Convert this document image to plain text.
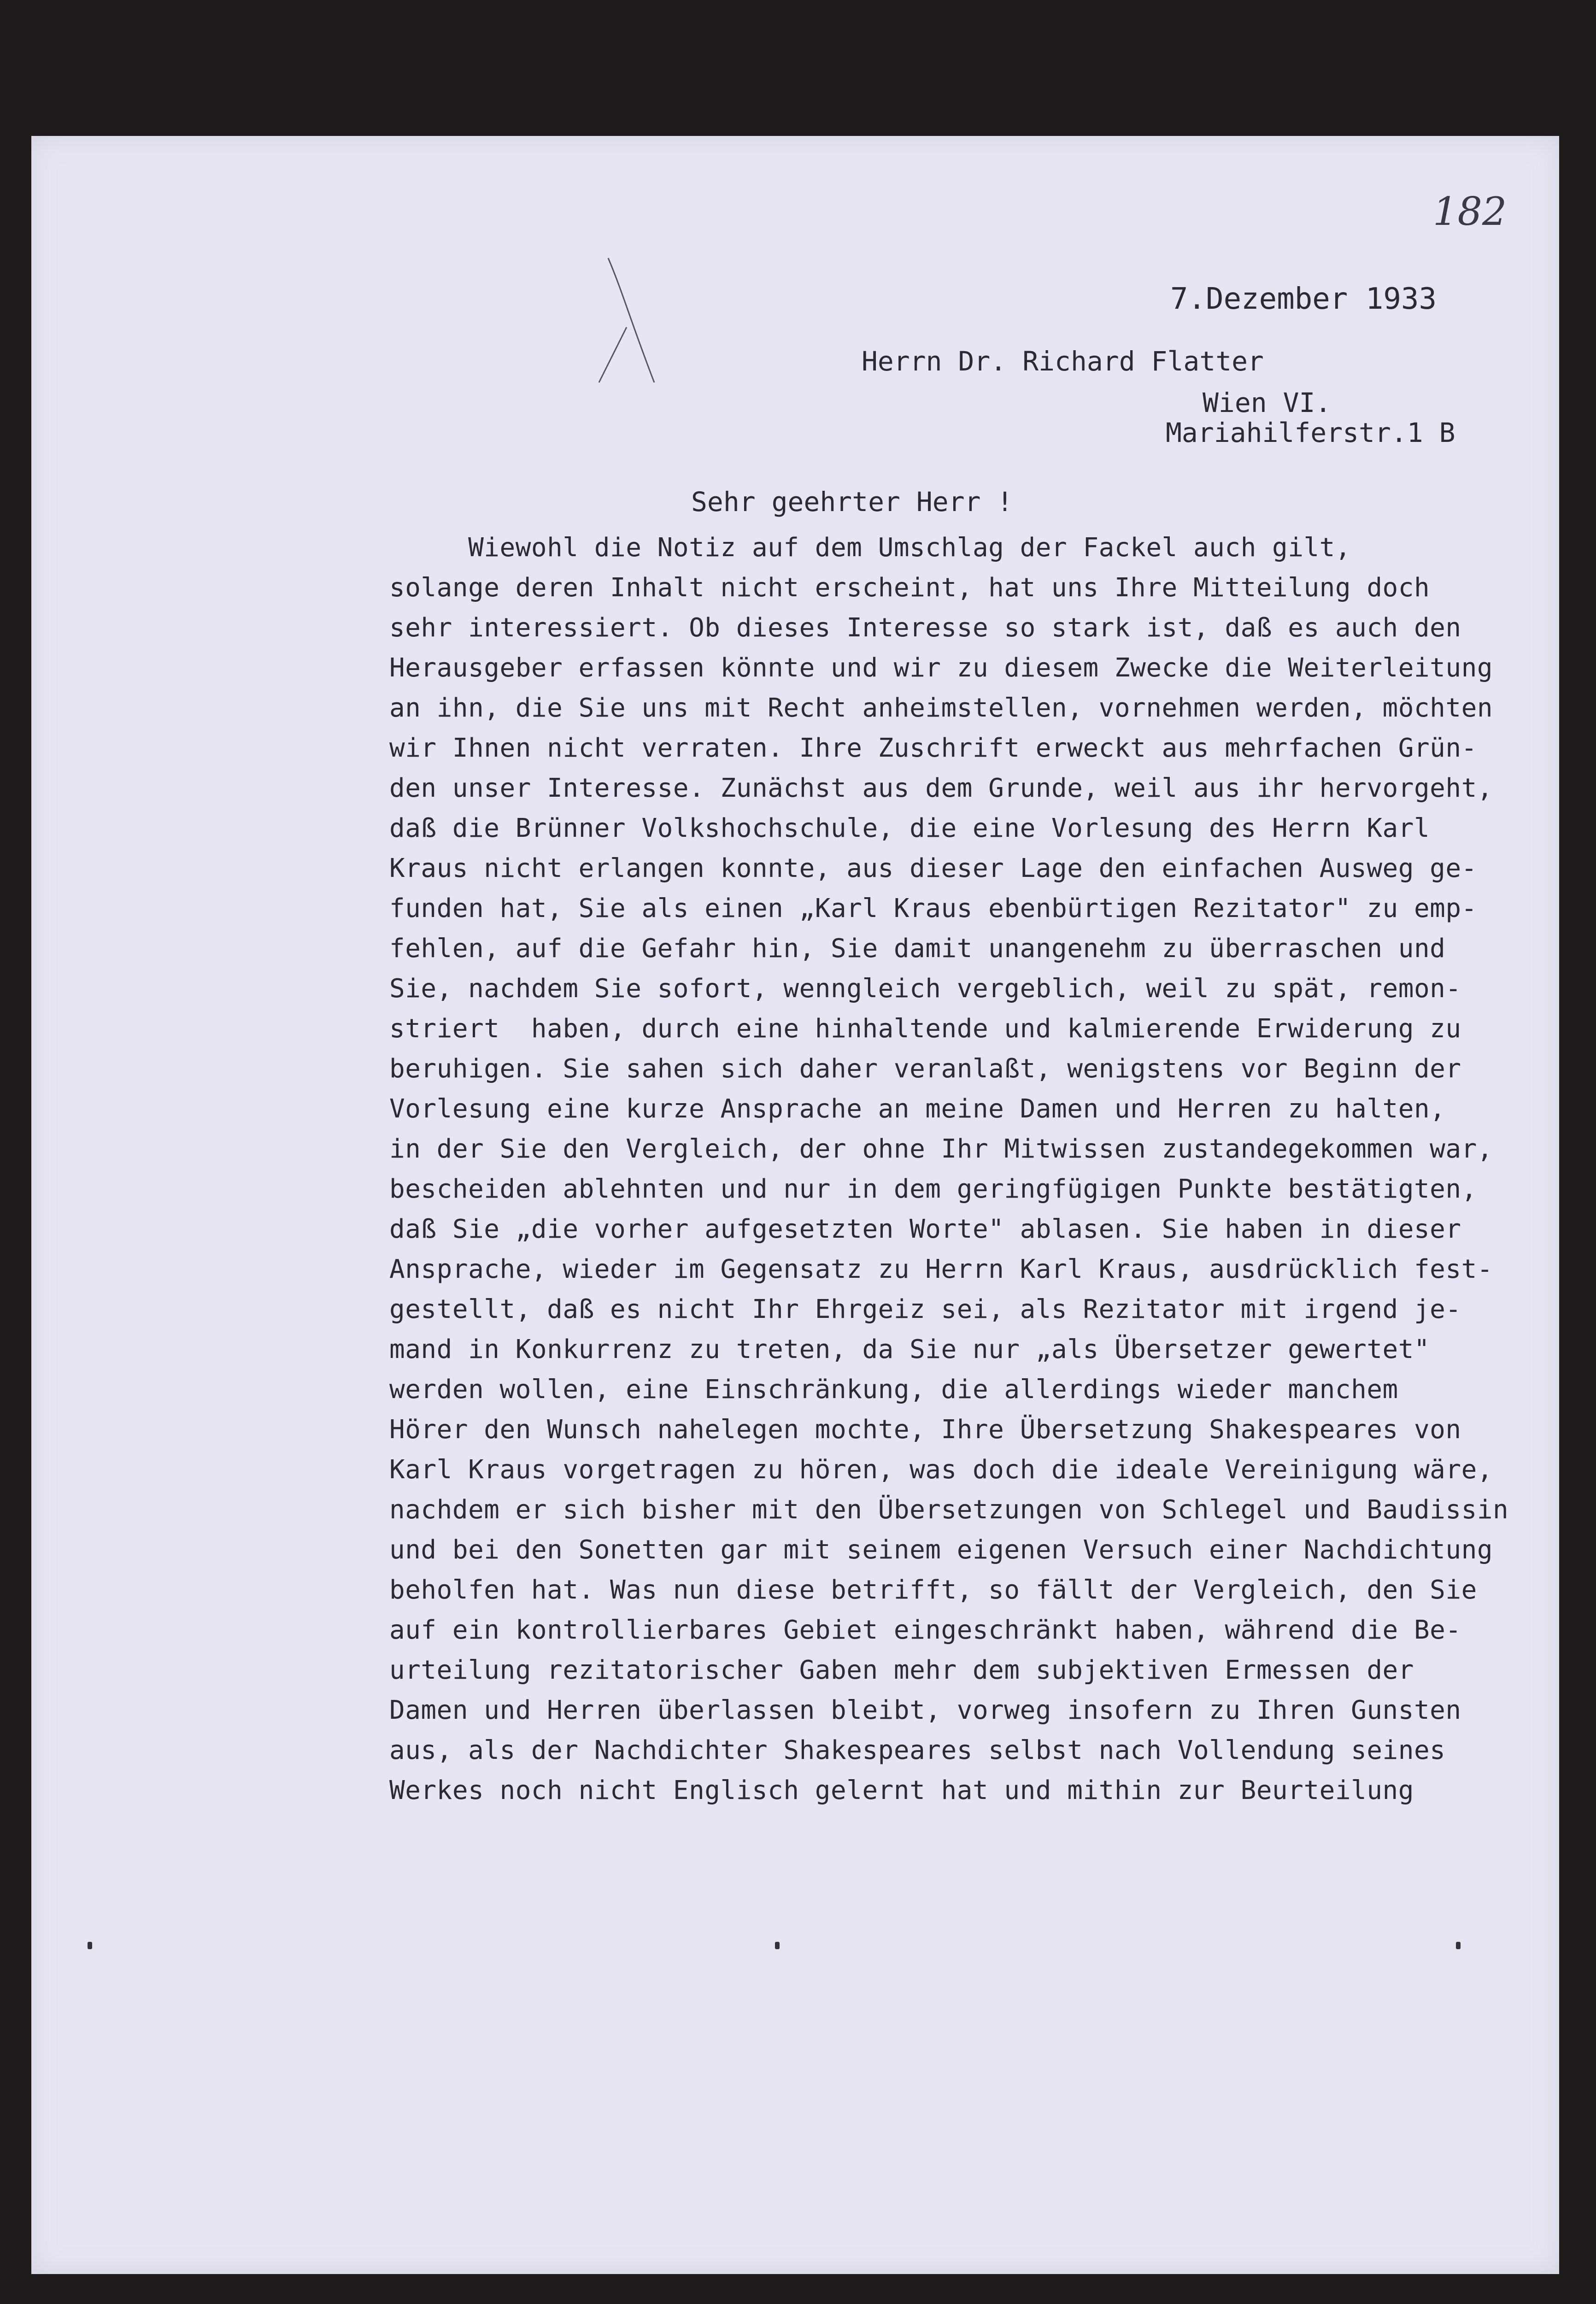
182
7.Dezember 1933
Herrn Dr. Richard Flatter
Wien VI.
Mariahilferstr.1 B
Sehr geehrter Herr !
Wiewohl die Notiz auf dem Umschlag der Fackel auch gilt,
solange deren Inhalt nicht erscheint, hat uns Ihre Mitteilung doch
sehr interessiert. Ob dieses Interesse so stark ist, daß es auch den
Herausgeber erfassen könnte und wir zu diesem Zwecke die Weiterleitung
an ihn, die Sie uns mit Recht anheimstellen, vornehmen werden, möchten
wir Ihnen nicht verraten. Ihre Zuschrift erweckt aus mehrfachen Grün-
den unser Interesse. Zunächst aus dem Grunde, weil aus ihr hervorgeht,
daß die Brünner Volkshochschule, die eine Vorlesung des Herrn Karl
Kraus nicht erlangen konnte, aus dieser Lage den einfachen Ausweg ge-
funden hat, Sie als einen „Karl Kraus ebenbürtigen Rezitator" zu emp-
fehlen, auf die Gefahr hin, Sie damit unangenehm zu überraschen und
Sie, nachdem Sie sofort, wenngleich vergeblich, weil zu spät, remon-
striert  haben, durch eine hinhaltende und kalmierende Erwiderung zu
beruhigen. Sie sahen sich daher veranlaßt, wenigstens vor Beginn der
Vorlesung eine kurze Ansprache an meine Damen und Herren zu halten,
in der Sie den Vergleich, der ohne Ihr Mitwissen zustandegekommen war,
bescheiden ablehnten und nur in dem geringfügigen Punkte bestätigten,
daß Sie „die vorher aufgesetzten Worte" ablasen. Sie haben in dieser
Ansprache, wieder im Gegensatz zu Herrn Karl Kraus, ausdrücklich fest-
gestellt, daß es nicht Ihr Ehrgeiz sei, als Rezitator mit irgend je-
mand in Konkurrenz zu treten, da Sie nur „als Übersetzer gewertet"
werden wollen, eine Einschränkung, die allerdings wieder manchem
Hörer den Wunsch nahelegen mochte, Ihre Übersetzung Shakespeares von
Karl Kraus vorgetragen zu hören, was doch die ideale Vereinigung wäre,
nachdem er sich bisher mit den Übersetzungen von Schlegel und Baudissin
und bei den Sonetten gar mit seinem eigenen Versuch einer Nachdichtung
beholfen hat. Was nun diese betrifft, so fällt der Vergleich, den Sie
auf ein kontrollierbares Gebiet eingeschränkt haben, während die Be-
urteilung rezitatorischer Gaben mehr dem subjektiven Ermessen der
Damen und Herren überlassen bleibt, vorweg insofern zu Ihren Gunsten
aus, als der Nachdichter Shakespeares selbst nach Vollendung seines
Werkes noch nicht Englisch gelernt hat und mithin zur Beurteilung
